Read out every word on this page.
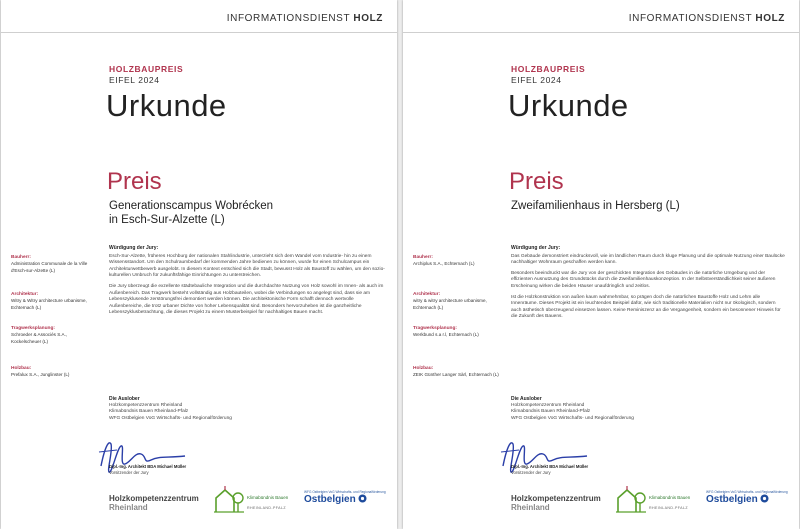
INFORMATIONSDIENST HOLZ
HOLZBAUPREIS
EIFEL 2024
Urkunde
Preis
Generationscampus Wobrécken
in Esch-Sur-Alzette (L)
Bauherr:
Administration Communale de la Ville d'Esch-sur-Alzette (L)
Architektur:
Witry & Witry architecture urbanisme, Echternach (L)
Tragwerksplanung:
Schroeder & Associés S.A., Kockelscheuer (L)
Holzbau:
Prefalux S.A., Junglinster (L)
Würdigung der Jury:

Esch-Sur-Alzette, früheres Hochburg der nationalen Stahlindustrie, unterzieht sich dem Wandel vom Industrie- hin zu einem Wissensstandort. Um den Schulraumbedarf der kommenden Jahre bedienen zu können, wurde für einen Schulcampus ein Architekturwettbewerb ausgelobt. In diesem Kontext entschied sich die Stadt, bewusst Holz als Baustoff zu wählen, um den soziokulturellen Umbruch für zukunftsfähige Einrichtungen zu unterstreichen.

Die Jury überzeugt die exzellente städtebauliche Integration und die durchdachte Nutzung von Holz sowohl im Innen- als auch im Außenbereich. Das Tragwerk besteht vollständig aus Holzbauteilen, wobei die Verbindungen so angelegt sind, dass sie am Lebenszyklusende zerstörungsfrei demontiert werden können. Die architektonische Form schafft dennoch wertvolle Außenbereiche, die trotz urbaner Dichte von hoher Lebensqualität sind. Besonders hervorzuheben ist die ganzheitliche Lebenszyklusbetrachtung, die dieses Projekt zu einem Musterbeispiel für nachhaltiges Bauen macht.

Die Auslober
Holzkompetenzzentrum Rheinland
Klimabündnis Bauen Rheinland-Pfalz
WFG Ostbelgien VoG Wirtschafts- und Regionalförderung
Dipl.-Ing. Architekt BDA Michael Müller
Vorsitzender der Jury
Holzkompetenzzentrum
Rheinland
Klimabündnis Bauen
RHEINLAND-PFALZ
WFG Ostbelgien VoG Wirtschafts- und Regionalförderung
Ostbelgien
INFORMATIONSDIENST HOLZ
HOLZBAUPREIS
EIFEL 2024
Urkunde
Preis
Zweifamilienhaus in Hersberg (L)
Bauherr:
Archiplus S.A., Echternach (L)
Architektur:
witry & witry architecture urbanisme, Echternach (L)
Tragwerksplanung:
Werkbund s.a r.l, Echternach (L)
Holzbau:
ZEIK Günther Langer Sàrl, Echternach (L)
Würdigung der Jury:

Das Gebäude demonstriert eindrucksvoll, wie im ländlichen Raum durch kluge Planung und die optimale Nutzung einer Baulücke nachhaltiger Wohnraum geschaffen werden kann.

Besonders beeindruckt war die Jury von der geschickten Integration des Gebäudes in die natürliche Umgebung und der effizienten Ausnutzung des Grundstücks durch die Zweifamilienhauskonzeption. In der Selbstverständlichkeit seiner äußeren Erscheinung wirken die beiden Häuser unaufdringlich und zeitlos.

Ist die Holzkonstruktion von außen kaum wahrnehmbar, so prägen doch die natürlichen Baustoffe Holz und Lehm alle Innenräume. Dieses Projekt ist ein leuchtendes Beispiel dafür, wie sich traditionelle Materialien nicht nur ökologisch, sondern auch ästhetisch überzeugend einsetzen lassen. Keine Reminiszenz an die Vergangenheit, sondern ein besonnener Hinweis für die Zukunft des Bauens.

Die Auslober
Holzkompetenzzentrum Rheinland
Klimabündnis Bauen Rheinland-Pfalz
WFG Ostbelgien VoG Wirtschafts- und Regionalförderung
Dipl.-Ing. Architekt BDA Michael Müller
Vorsitzender der Jury
Holzkompetenzzentrum
Rheinland
Klimabündnis Bauen
RHEINLAND-PFALZ
WFG Ostbelgien VoG Wirtschafts- und Regionalförderung
Ostbelgien
